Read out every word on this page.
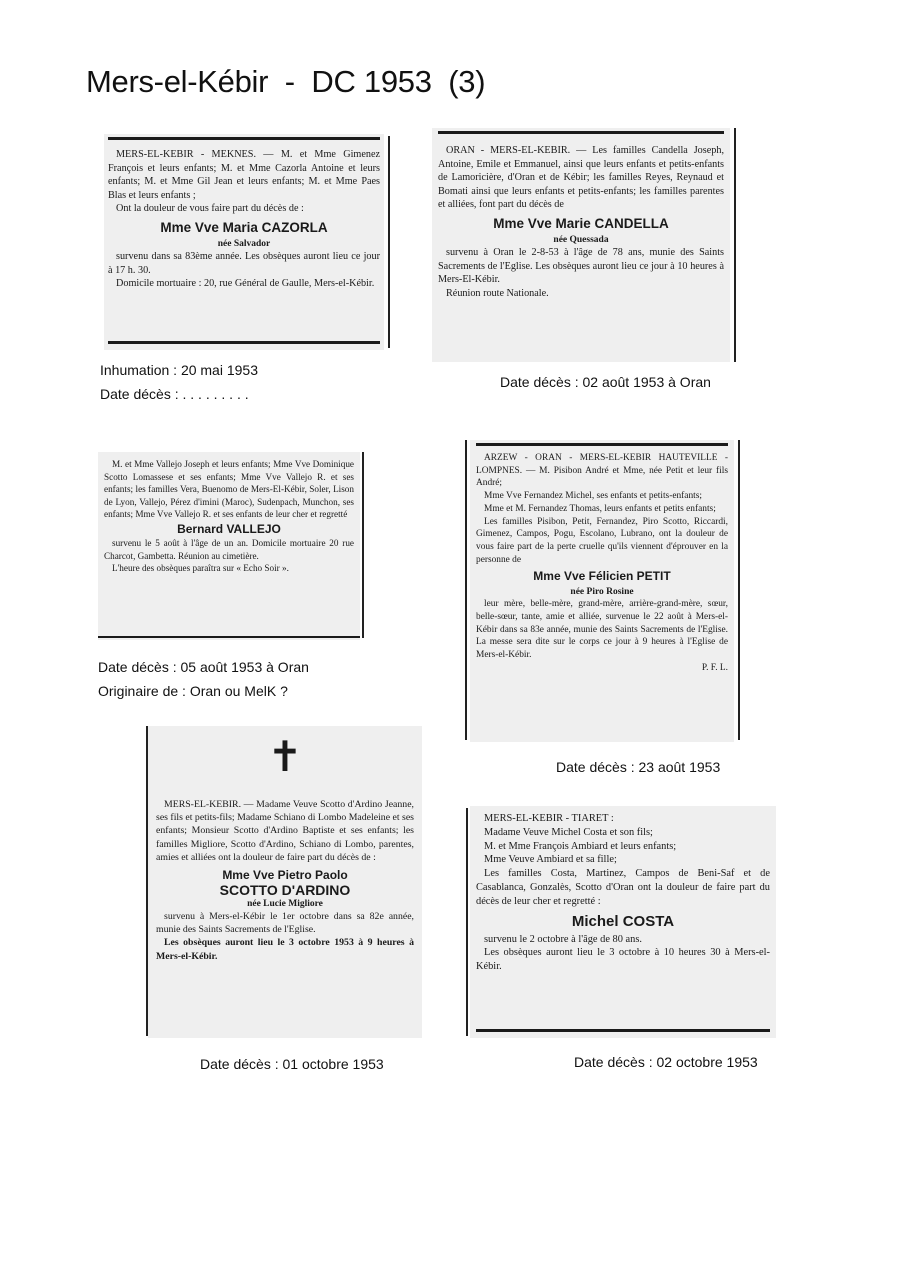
Mers-el-Kébir  -  DC 1953  (3)

MERS-EL-KEBIR - MEKNES. — M. et Mme Gimenez François et leurs enfants; M. et Mme Cazorla Antoine et leurs enfants; M. et Mme Gil Jean et leurs enfants; M. et Mme Paes Blas et leurs enfants ;

Ont la douleur de vous faire part du décès de :

Mme Vve Maria CAZORLA
née Salvador

survenu dans sa 83ème année. Les obsèques auront lieu ce jour à 17 h. 30.

Domicile mortuaire : 20, rue Général de Gaulle, Mers-el-Kébir.

Inhumation : 20 mai 1953
Date décès : . . . . . . . . .

ORAN - MERS-EL-KEBIR. — Les familles Candella Joseph, Antoine, Emile et Emmanuel, ainsi que leurs enfants et petits-enfants de Lamoricière, d'Oran et de Kébir; les familles Reyes, Reynaud et Bomati ainsi que leurs enfants et petits-enfants; les familles parentes et alliées, font part du décès de

Mme Vve Marie CANDELLA
née Quessada

survenu à Oran le 2-8-53 à l'âge de 78 ans, munie des Saints Sacrements de l'Eglise. Les obsèques auront lieu ce jour à 10 heures à Mers-El-Kébir.

Réunion route Nationale.

Date décès : 02 août 1953 à Oran

M. et Mme Vallejo Joseph et leurs enfants; Mme Vve Dominique Scotto Lomassese et ses enfants; Mme Vve Vallejo R. et ses enfants; les familles Vera, Buenomo de Mers-El-Kébir, Soler, Lison de Lyon, Vallejo, Pérez d'imini (Maroc), Sudenpach, Munchon, ses enfants; Mme Vve Vallejo R. et ses enfants de leur cher et regretté

Bernard VALLEJO

survenu le 5 août à l'âge de un an. Domicile mortuaire 20 rue Charcot, Gambetta. Réunion au cimetière.

L'heure des obsèques paraîtra sur « Echo Soir ».

Date décès : 05 août 1953 à Oran
Originaire de : Oran ou MelK ?

ARZEW - ORAN - MERS-EL-KEBIR HAUTEVILLE - LOMPNES. — M. Pisibon André et Mme, née Petit et leur fils André;

Mme Vve Fernandez Michel, ses enfants et petits-enfants;

Mme et M. Fernandez Thomas, leurs enfants et petits enfants;

Les familles Pisibon, Petit, Fernandez, Piro Scotto, Riccardi, Gimenez, Campos, Pogu, Escolano, Lubrano, ont la douleur de vous faire part de la perte cruelle qu'ils viennent d'éprouver en la personne de

Mme Vve Félicien PETIT
née Piro Rosine

leur mère, belle-mère, grand-mère, arrière-grand-mère, sœur, belle-sœur, tante, amie et alliée, survenue le 22 août à Mers-el-Kébir dans sa 83e année, munie des Saints Sacrements de l'Eglise. La messe sera dite sur le corps ce jour à 9 heures à l'Eglise de Mers-el-Kébir.

P. F. L.

Date décès : 23 août 1953
✝

MERS-EL-KEBIR. — Madame Veuve Scotto d'Ardino Jeanne, ses fils et petits-fils; Madame Schiano di Lombo Madeleine et ses enfants; Monsieur Scotto d'Ardino Baptiste et ses enfants; les familles Migliore, Scotto d'Ardino, Schiano di Lombo, parentes, amies et alliées ont la douleur de faire part du décès de :

Mme Vve Pietro Paolo
SCOTTO D'ARDINO
née Lucie Migliore

survenu à Mers-el-Kébir le 1er octobre dans sa 82e année, munie des Saints Sacrements de l'Eglise.

Les obsèques auront lieu le 3 octobre 1953 à 9 heures à Mers-el-Kébir.

Date décès : 01 octobre 1953

MERS-EL-KEBIR - TIARET :

Madame Veuve Michel Costa et son fils;

M. et Mme François Ambiard et leurs enfants;

Mme Veuve Ambiard et sa fille;

Les familles Costa, Martinez, Campos de Beni-Saf et de Casablanca, Gonzalès, Scotto d'Oran ont la douleur de faire part du décès de leur cher et regretté :

Michel COSTA

survenu le 2 octobre à l'âge de 80 ans.

Les obsèques auront lieu le 3 octobre à 10 heures 30 à Mers-el-Kébir.

Date décès : 02 octobre 1953
